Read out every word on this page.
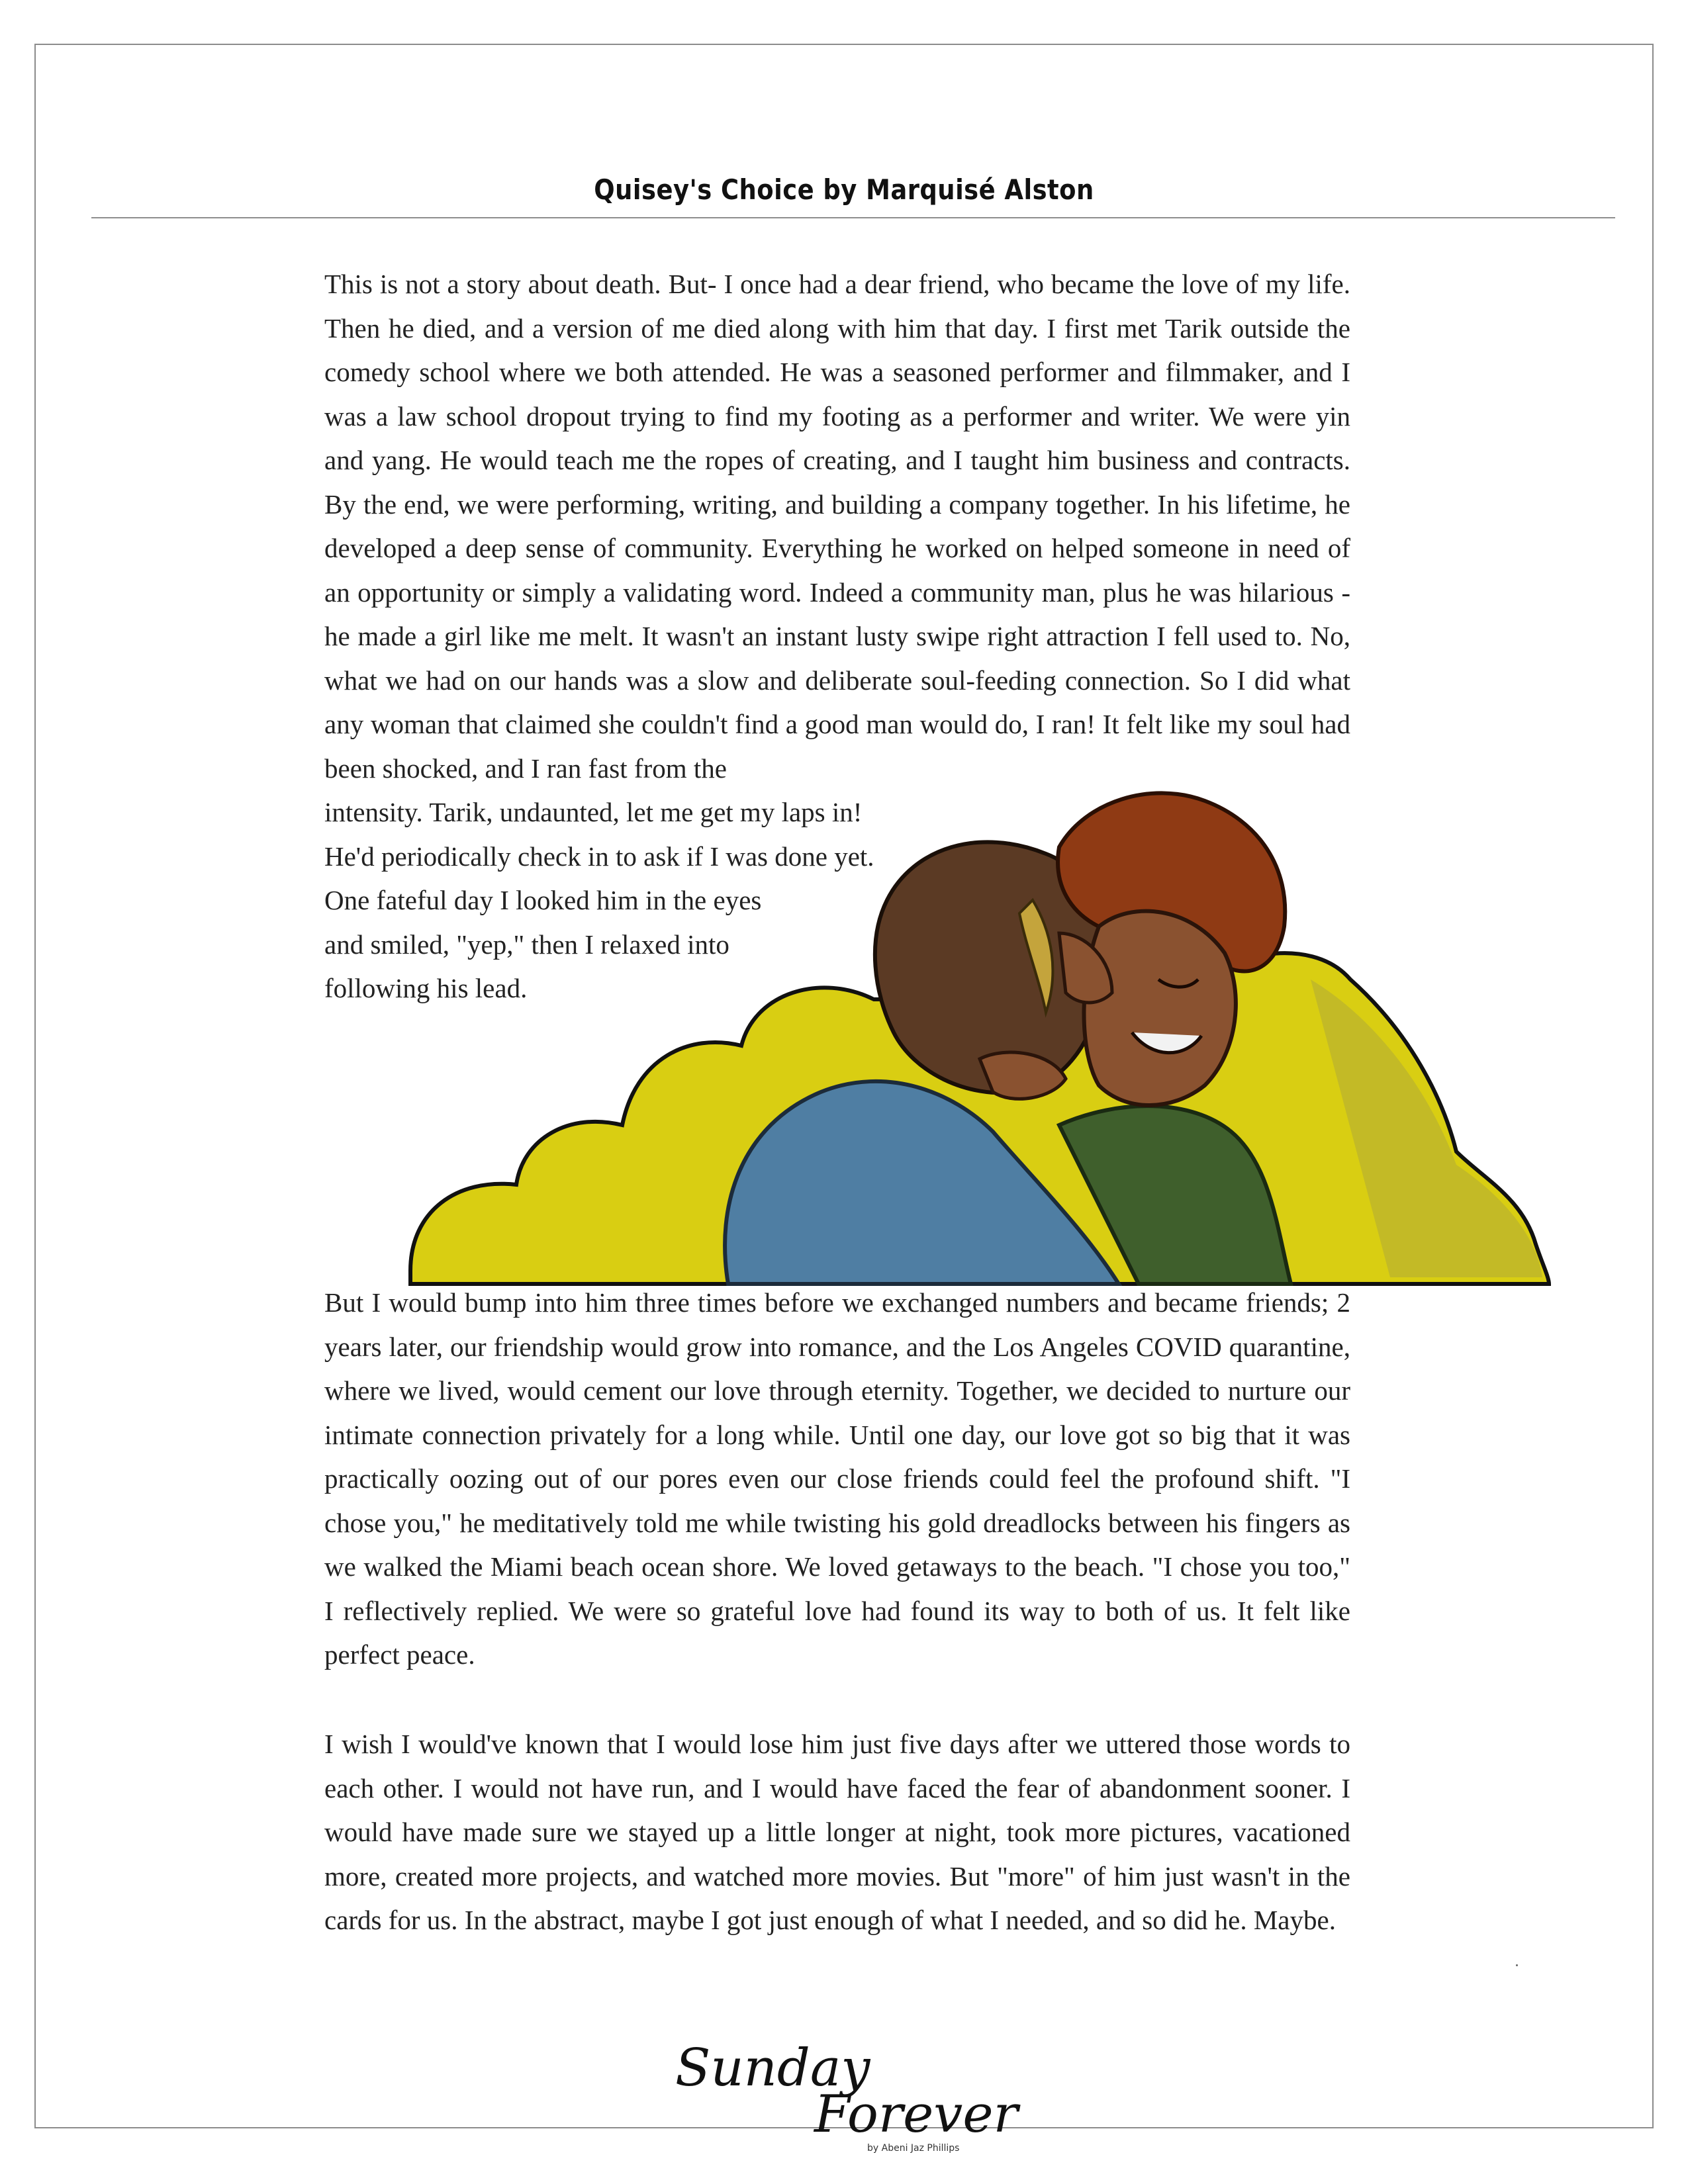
Quisey's Choice by Marquisé Alston

This is not a story about death. But- I once had a dear friend, who became the love of my life. Then he died, and a version of me died along with him that day. I first met Tarik outside the comedy school where we both attended. He was a seasoned performer and filmmaker, and I was a law school dropout trying to find my footing as a performer and writer. We were yin and yang. He would teach me the ropes of creating, and I taught him business and contracts. By the end, we were performing, writing, and building a company together. In his lifetime, he developed a deep sense of community. Everything he worked on helped someone in need of an opportunity or simply a validating word. Indeed a community man, plus he was hilarious - he made a girl like me melt. It wasn't an instant lusty swipe right attraction I fell used to. No, what we had on our hands was a slow and deliberate soul-feeding connection. So I did what any woman that claimed she couldn't find a good man would do, I ran! It felt like my soul had been shocked, and I ran fast from the

intensity. Tarik, undaunted, let me get my laps in!
He'd periodically check in to ask if I was done yet.
One fateful day I looked him in the eyes
and smiled, "yep," then I relaxed into
following his lead.

But I would bump into him three times before we exchanged numbers and became friends; 2 years later, our friendship would grow into romance, and the Los Angeles COVID quarantine, where we lived, would cement our love through eternity. Together, we decided to nurture our intimate connection privately for a long while. Until one day, our love got so big that it was practically oozing out of our pores even our close friends could feel the profound shift. "I chose you," he meditatively told me while twisting his gold dreadlocks between his fingers as we walked the Miami beach ocean shore. We loved getaways to the beach. "I chose you too," I reflectively replied. We were so grateful love had found its way to both of us. It felt like perfect peace.

I wish I would've known that I would lose him just five days after we uttered those words to each other. I would not have run, and I would have faced the fear of abandonment sooner. I would have made sure we stayed up a little longer at night, took more pictures, vacationed more, created more projects, and watched more movies. But "more" of him just wasn't in the cards for us. In the abstract, maybe I got just enough of what I needed, and so did he. Maybe.

Sunday
Forever
by Abeni Jaz Phillips
